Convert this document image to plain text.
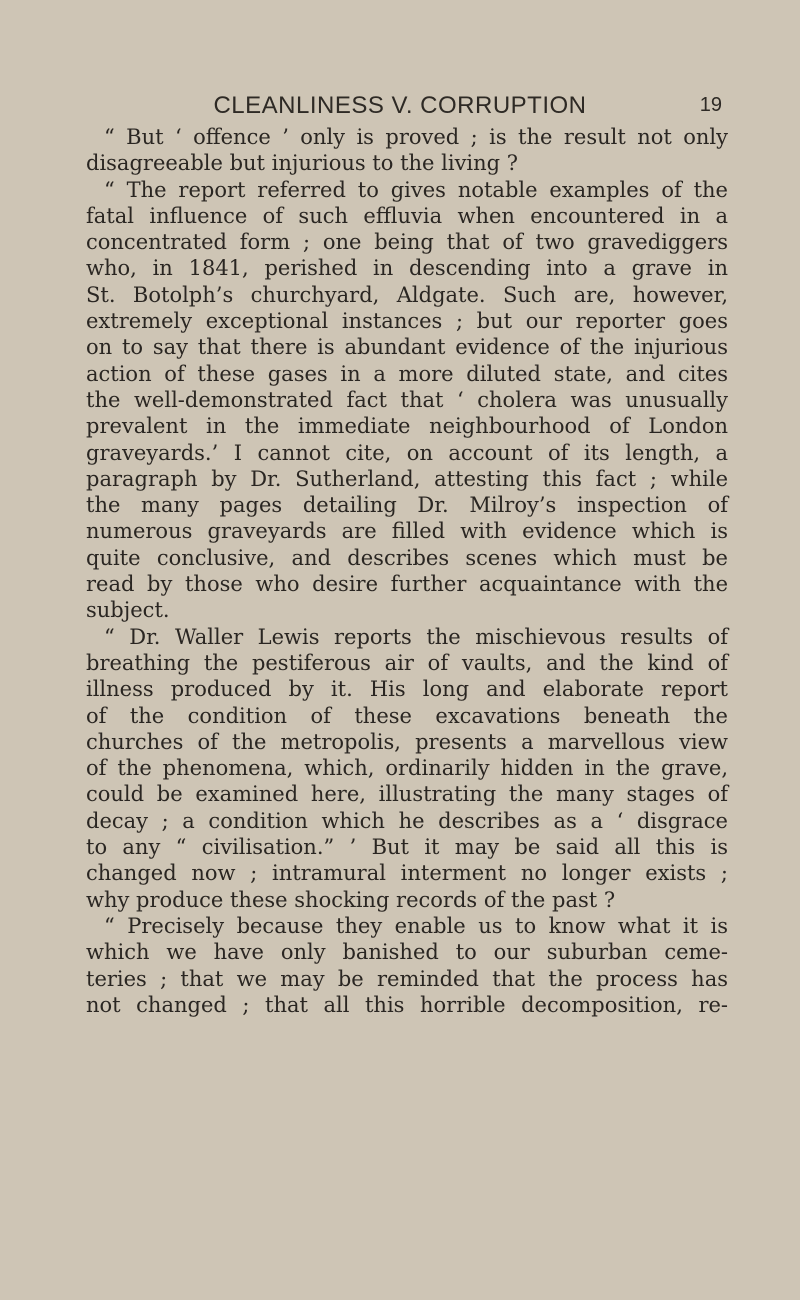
CLEANLINESS V. CORRUPTION	19
“ But ‘ offence ’ only is proved ; is the result not only
disagreeable but injurious to the living ?
“ The report referred to gives notable examples of the
fatal influence of such effluvia when encountered in a
concentrated form ; one being that of two gravediggers
who, in 1841, perished in descending into a grave in
St. Botolph’s churchyard, Aldgate. Such are, however,
extremely exceptional instances ; but our reporter goes
on to say that there is abundant evidence of the injurious
action of these gases in a more diluted state, and cites
the well-demonstrated fact that ‘ cholera was unusually
prevalent in the immediate neighbourhood of London
graveyards.’ I cannot cite, on account of its length, a
paragraph by Dr. Sutherland, attesting this fact ; while
the many pages detailing Dr. Milroy’s inspection of
numerous graveyards are filled with evidence which is
quite conclusive, and describes scenes which must be
read by those who desire further acquaintance with the
subject.
“ Dr. Waller Lewis reports the mischievous results of
breathing the pestiferous air of vaults, and the kind of
illness produced by it. His long and elaborate report
of the condition of these excavations beneath the
churches of the metropolis, presents a marvellous view
of the phenomena, which, ordinarily hidden in the grave,
could be examined here, illustrating the many stages of
decay ; a condition which he describes as a ‘ disgrace
to any “ civilisation.” ’ But it may be said all this is
changed now ; intramural interment no longer exists ;
why produce these shocking records of the past ?
“ Precisely because they enable us to know what it is
which we have only banished to our suburban ceme-
teries ; that we may be reminded that the process has
not changed ; that all this horrible decomposition, re-
